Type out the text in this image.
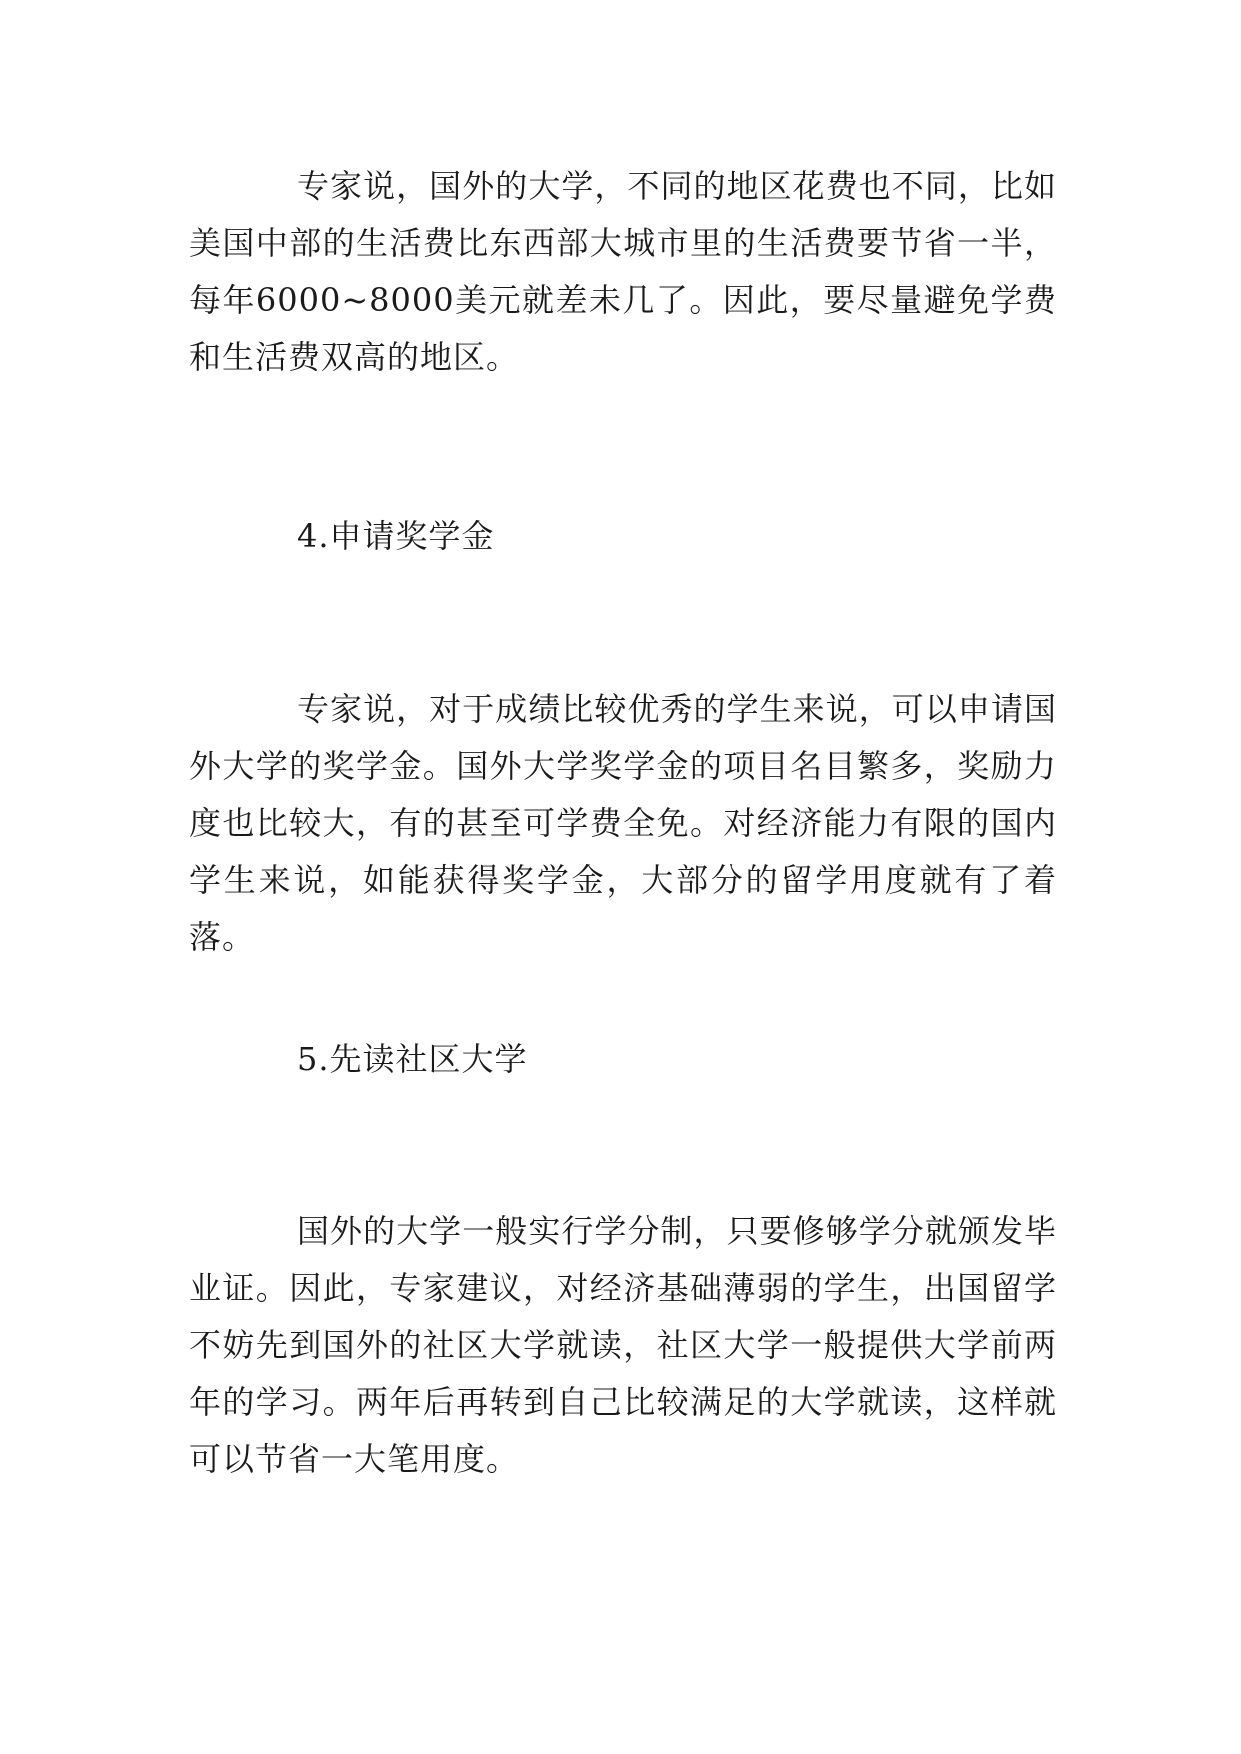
专家说，国外的大学，不同的地区花费也不同，比如美国中部的生活费比东西部大城市里的生活费要节省一半，每年6000~8000美元就差未几了。因此，要尽量避免学费和生活费双高的地区。

4.申请奖学金

专家说，对于成绩比较优秀的学生来说，可以申请国外大学的奖学金。国外大学奖学金的项目名目繁多，奖励力度也比较大，有的甚至可学费全免。对经济能力有限的国内学生来说，如能获得奖学金，大部分的留学用度就有了着落。

5.先读社区大学

国外的大学一般实行学分制，只要修够学分就颁发毕业证。因此，专家建议，对经济基础薄弱的学生，出国留学不妨先到国外的社区大学就读，社区大学一般提供大学前两年的学习。两年后再转到自己比较满足的大学就读，这样就可以节省一大笔用度。
